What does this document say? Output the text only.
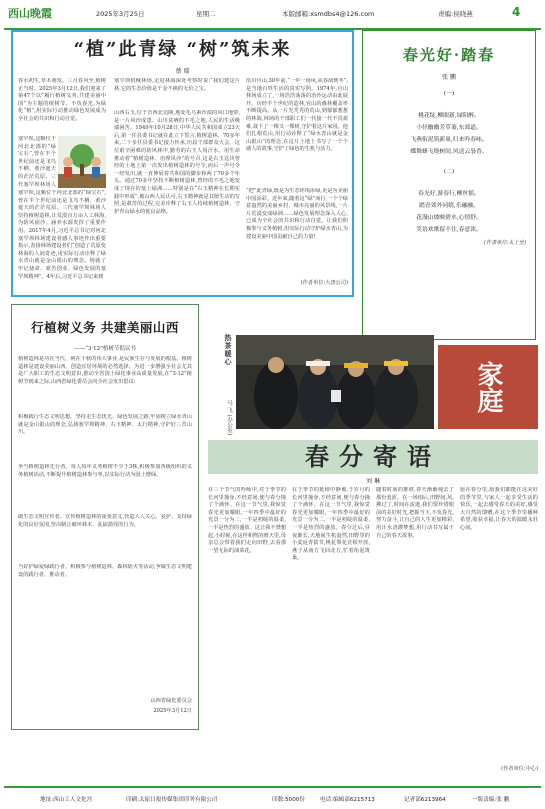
西山晚霞	2025年3月25日	星期二	本版邮箱:xsmdbs4@126.com	责编:侯晓燕	4
“植”此青绿 “树”筑未来
蔡 瑞
春水初生,草木萌发。三月春风至,植树正当时。2025年3月12日,我们迎来了第47个以“履行植树义务,共建美丽中国”为主题的植树节。不负春光,为绿化“植”,用实际行动推动绿色发展成为全社会的共识和行动自觉。
塞罕坝,这颗位于河北北部的“绿宝石”,曾在半个世纪前还是飞鸟不栖、黄沙遮天的茫茫荒原。三代塞罕坝林场人
塞罕坝,这颗位于河北北部的“绿宝石”,曾在半个世纪前还是飞鸟不栖、黄沙遮天的茫茫荒原。三代塞罕坝林场人坚持植树造林,让荒漠百万亩人工林海,为防风固沙、涵养水源发挥了重要作用。2017年4月,习近平总书记对河北塞罕坝林场建设者感人事迹作出重要指示,表扬林场建设者们“创造了荒原变林海的人间奇迹,用实际行动诠释了绿水青山就是金山银山的理念。铸就了牢记使命、艰苦创业、绿色发展的塞罕坝精神”。4年后,习近平总书记来到
塞罕坝机械林场,走进林海深处考察时说:“我们建这片林,它的生态价值是千金不换的无价之宝。
山西右玉,位于晋西北边陲,地处毛乌素沙漠的风口地带,是一片风沙成患、山川贫瘠的不毛之地,人民的生活极端困苦。1949年10月28日,中华人民共和国成立23天后,第一任县委书记就在此立下誓言,植树造林。70多年来,二十多任县委书记接力传承,历届干部群众大会、这位艰辛困难的防风林中,勤劳的右玉人用汗水、用生命推动着“植树造林、治理风沙”的号召,这是右玉这块曾经的土地上第一次发出植树造林的号令,而后一声号令一经发出,就一直伸展着共和国的脚步和两了70多个年头。通过70多年坚持不断植树造林,曾经的不毛之地变成了现在的塞上绿洲……特别是在“右玉精神在长期实践中形成”,被山西人民认可,右玉精神就是其植生动的写照,是艰苦的过程,完美诠释了右玉人持续植树造林、守护青山绿水的优良品格。
沿川官山,30年前,“一年一场风,从春刮到冬”,是当地百姓生活的真实写照。1974年,官山林场成立了,一场浩浩荡荡的治沙运动由此展开。历经半个世纪的造林,官山的森林覆盖率不断提高。从一片光秃秃的荒山,到郁郁葱葱的林海,林场的干部职工们一代接一代不畏艰难,栽下了一棵又一棵树,守护着这片家园。他们扎根荒山,用行动诠释了“绿水青山就是金山银山”的理念,在这片土地上书写了一个个感人的故事,守护了绿色的生机与活力。
“把”此青绿,既是为生态环境添绿,更是为美丽中国添彩。近年来,随着这“绿”而行,一个个绿意盎然的美丽乡村、城市亮丽的风景线,一片片荒漠变成绿洲……绿色发展理念深入人心,已成为全社会的共识和行动自觉。让我们积极参与义务植树,用实际行动守护绿水青山,为建设美丽中国贡献自己的力量!
(作者单位:大唐公司)
春光好·踏春
张 鹏
(一)
桃花绽,柳眼新,绿阳醉。
小径幽幽芳草萋,东郊道。
飞燕衔泥筑新巢,归来吟春咏。
蝶舞蜂飞绕树间,风送云袅香。
(二)
春光好,游春行,柳丝摇。
踏青郊外同嬉,乐融融。
花漫山坡映碧水,心情舒。
笑语欢歌留不住,春意浓。
(作者单位:太上皇)
行植树义务 共建美丽山西
——“3·12”植树节倡议书
植树造林是功在当代、利在千秋的伟大事业,是民族生存与发展的根基。植树造林是建设美丽山西、创造宜居环境的必然选择。为进一步增强全社会尤其是广大职工的生态文明意识,推动全省国土绿化事业高质量发展,在“3·12”植树节到来之际,山西省绿化委员会向全社会发出倡议:
积极践行生态文明思想。坚持走生态优先、绿色发展之路,牢固树立绿水青山就是金山银山的理念,弘扬塞罕坝精神、右玉精神、太行精神,守护好三晋山川。
争当植树造林先行者。每人每年义务植树不少于3株,积极参加各级组织的义务植树活动,不断提升植树造林参与率,以实际行动为国土增绿。
做生态文明宣传者。宣传植树造林的重要意义,营造人人关心、爱护、支持绿化的良好氛围,坚决制止破坏林木、乱砍滥伐的行为。
当好护绿爱绿践行者。积极参与植树造林、森林防火等活动,争做生态文明建设的践行者、推动者。
山西省绿化委员会
2025年3月12日
热茶暖心
马 飞 (办公室)
家庭
春分寄语
刘 琳
在三个节气的吟咏中,对于季节的长河里撞身,不经意间,便与春分撞了个满怀。在这一节气里,我惊觉春光更加耀眼,一年四季中最好的光景一分为二,一半是初绽的温柔,一半是热烈的盛放。这让我不禁想起,小时候,在这样和煦的晴天里,母亲总会带着我们走向田野,去看那一望无际的油菜花。
在于季节的延续中静谧,于岁月的长河里撞身,不经意间,便与春分撞了个满怀。在这一节气里,我惊觉春光更加耀眼,一年四季中最好的光景一分为二,一半是初绽的温柔,一半是热烈的盛放。春分过后,昼夜渐长,天地间生机盎然,田野里的小麦返青拔节,桃花梨花竞相开放,燕子从南方飞回北方,忙着衔泥筑巢。
随着时间的推移,春天渐渐褪去了那份羞涩。在一场雨后,田野间,风,拂过了,时间在流逝,我们要珍惜眼前的美好时光,把握当下,不负春光,努力奋斗,让自己的人生更加精彩,用汗水浇灌梦想,用行动书写属于自己的春天故事。
愿在春分里,愿我们都能在这美好的季节里,与家人一起享受生活的快乐,一起去感受春天的美好,感受大自然的馈赠,在这个季节里播种希望,收获幸福,让春天的温暖永驻心间。
(作者单位:中心)
地址:西山工人文化宫	印刷:太原日报传媒集团印务有限公司	印数:5000份	电话:编辑部6215713	记者部6213964	一版责编:张 鹏
